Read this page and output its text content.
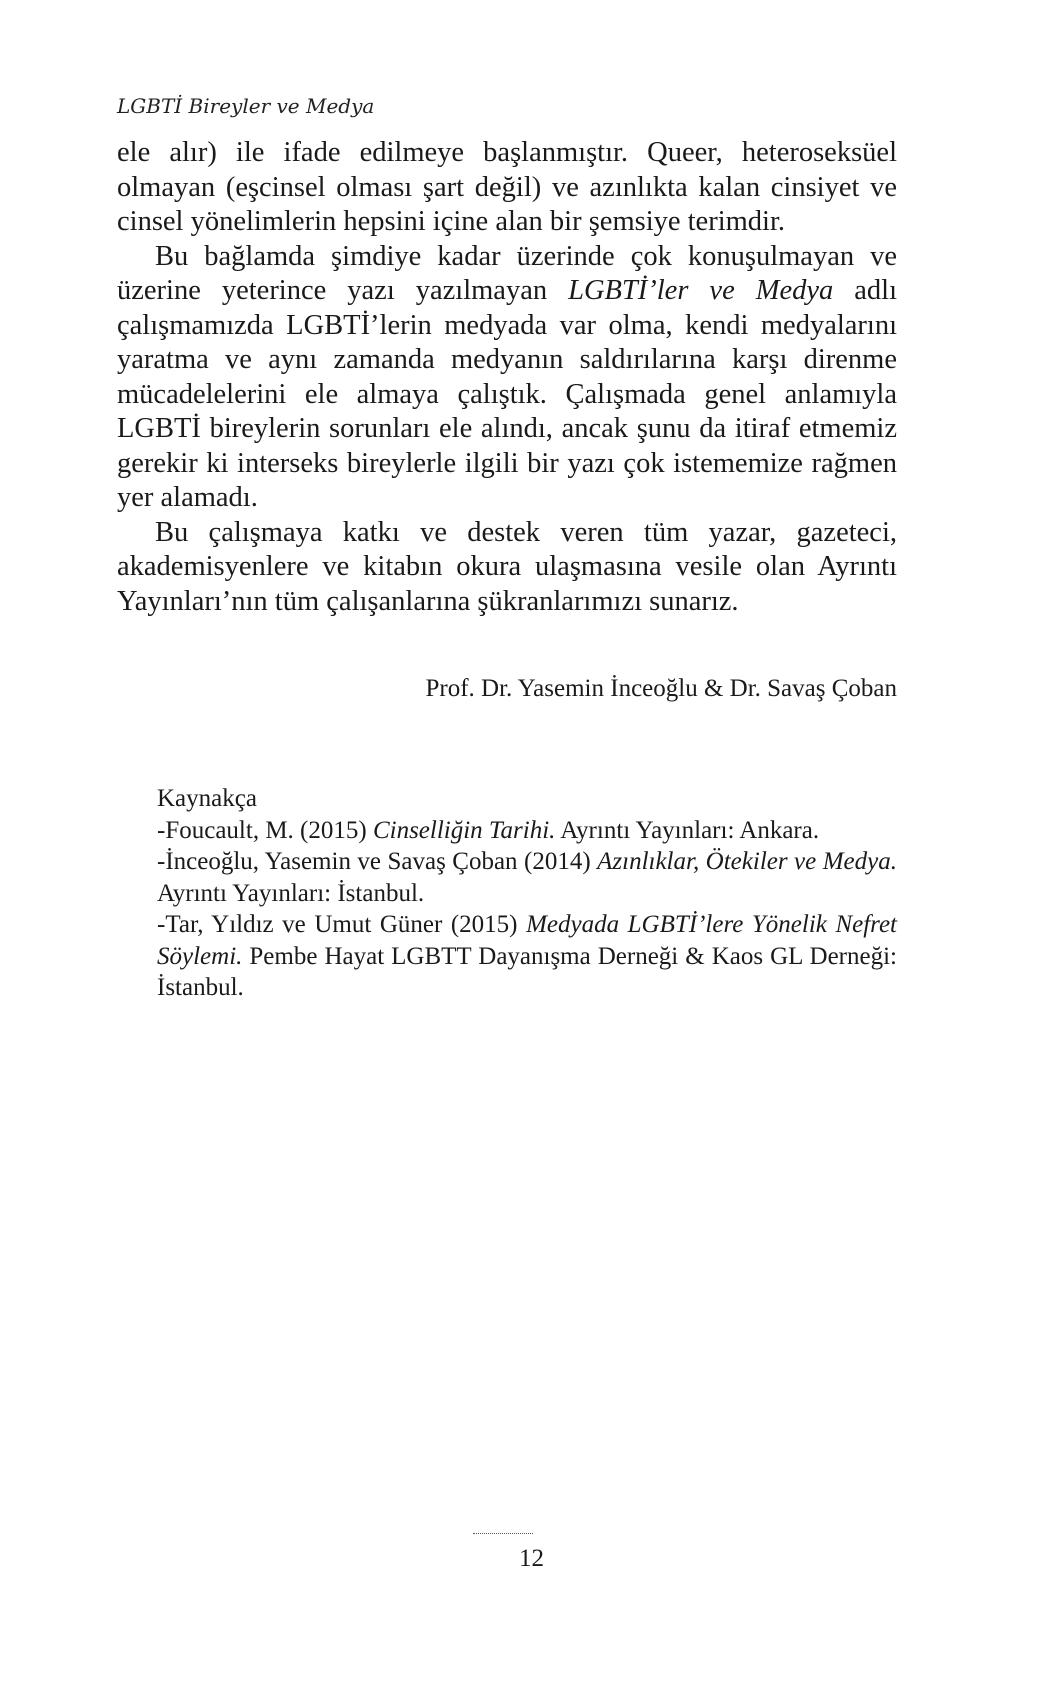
LGBTİ Bireyler ve Medya

ele alır) ile ifade edilmeye başlanmıştır. Queer, heteroseksüel olmayan (eşcinsel olması şart değil) ve azınlıkta kalan cinsiyet ve cinsel yönelimlerin hepsini içine alan bir şemsiye terimdir.

Bu bağlamda şimdiye kadar üzerinde çok konuşulmayan ve üzerine yeterince yazı yazılmayan LGBTİ’ler ve Medya adlı çalışmamızda LGBTİ’lerin medyada var olma, kendi medyalarını yaratma ve aynı zamanda medyanın saldırılarına karşı direnme mücadelelerini ele almaya çalıştık. Çalışmada genel anlamıyla LGBTİ bireylerin sorunları ele alındı, ancak şunu da itiraf etmemiz gerekir ki interseks bireylerle ilgili bir yazı çok istememize rağmen yer alamadı.

Bu çalışmaya katkı ve destek veren tüm yazar, gazeteci, akademisyenlere ve kitabın okura ulaşmasına vesile olan Ayrıntı Yayınları’nın tüm çalışanlarına şükranlarımızı sunarız.

Prof. Dr. Yasemin İnceoğlu & Dr. Savaş Çoban
Kaynakça
-Foucault, M. (2015) Cinselliğin Tarihi. Ayrıntı Yayınları: Ankara.
-İnceoğlu, Yasemin ve Savaş Çoban (2014) Azınlıklar, Ötekiler ve Medya. Ayrıntı Yayınları: İstanbul.
-Tar, Yıldız ve Umut Güner (2015) Medyada LGBTİ’lere Yönelik Nefret Söylemi. Pembe Hayat LGBTT Dayanışma Derneği & Kaos GL Derneği: İstanbul.
12
